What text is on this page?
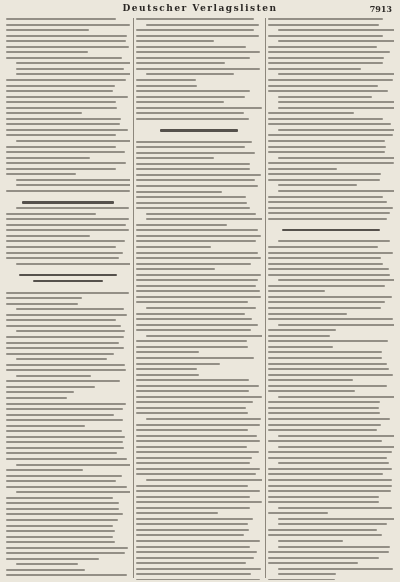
Deutscher Verlagslisten	7913
